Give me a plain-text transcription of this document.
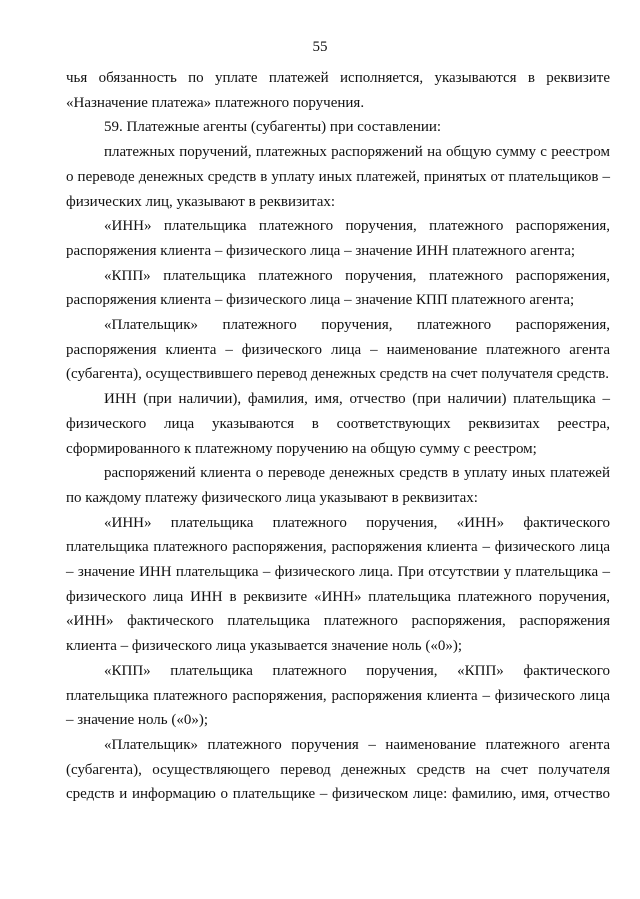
55

чья обязанность по уплате платежей исполняется, указываются в реквизите «Назначение платежа» платежного поручения.

59. Платежные агенты (субагенты) при составлении:

платежных поручений, платежных распоряжений на общую сумму с реестром о переводе денежных средств в уплату иных платежей, принятых от плательщиков – физических лиц, указывают в реквизитах:

«ИНН» плательщика платежного поручения, платежного распоряжения, распоряжения клиента – физического лица – значение ИНН платежного агента;

«КПП» плательщика платежного поручения, платежного распоряжения, распоряжения клиента – физического лица – значение КПП платежного агента;

«Плательщик» платежного поручения, платежного распоряжения, распоряжения клиента – физического лица – наименование платежного агента (субагента), осуществившего перевод денежных средств на счет получателя средств.

ИНН (при наличии), фамилия, имя, отчество (при наличии) плательщика – физического лица указываются в соответствующих реквизитах реестра, сформированного к платежному поручению на общую сумму с реестром;

распоряжений клиента о переводе денежных средств в уплату иных платежей по каждому платежу физического лица указывают в реквизитах:

«ИНН» плательщика платежного поручения, «ИНН» фактического плательщика платежного распоряжения, распоряжения клиента – физического лица – значение ИНН плательщика – физического лица. При отсутствии у плательщика – физического лица ИНН в реквизите «ИНН» плательщика платежного поручения, «ИНН» фактического плательщика платежного распоряжения, распоряжения клиента – физического лица указывается значение ноль («0»);

«КПП» плательщика платежного поручения, «КПП» фактического плательщика платежного распоряжения, распоряжения клиента – физического лица – значение ноль («0»);

«Плательщик» платежного поручения – наименование платежного агента (субагента), осуществляющего перевод денежных средств на счет получателя средств и информацию о плательщике – физическом лице: фамилию, имя, отчество
